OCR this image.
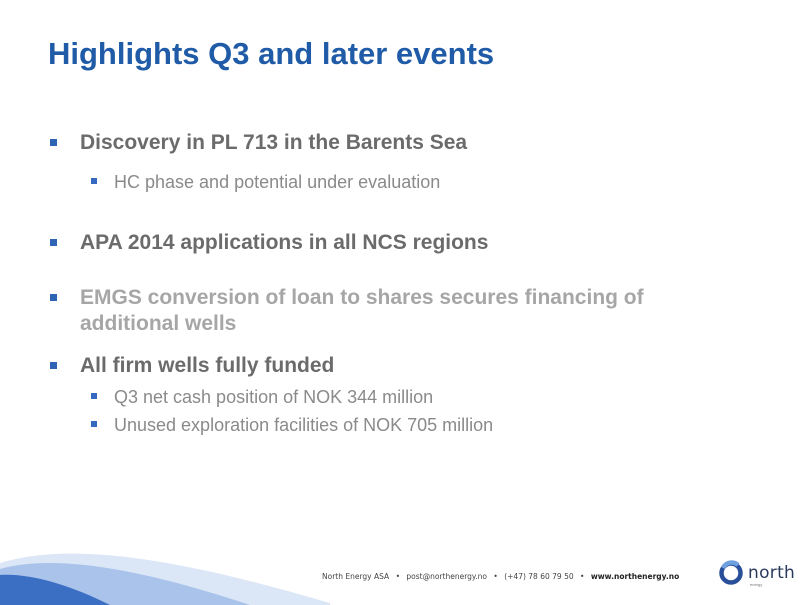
Highlights Q3 and later events
Discovery in PL 713 in the Barents Sea
HC phase and potential under evaluation
APA 2014 applications in all NCS regions
EMGS conversion of loan to shares secures financing of
additional wells
All firm wells fully funded
Q3 net cash position of NOK 344 million
Unused exploration facilities of NOK 705 million
North Energy ASA • post@northenergy.no • (+47) 78 60 79 50 • www.northenergy.no	north
energy
